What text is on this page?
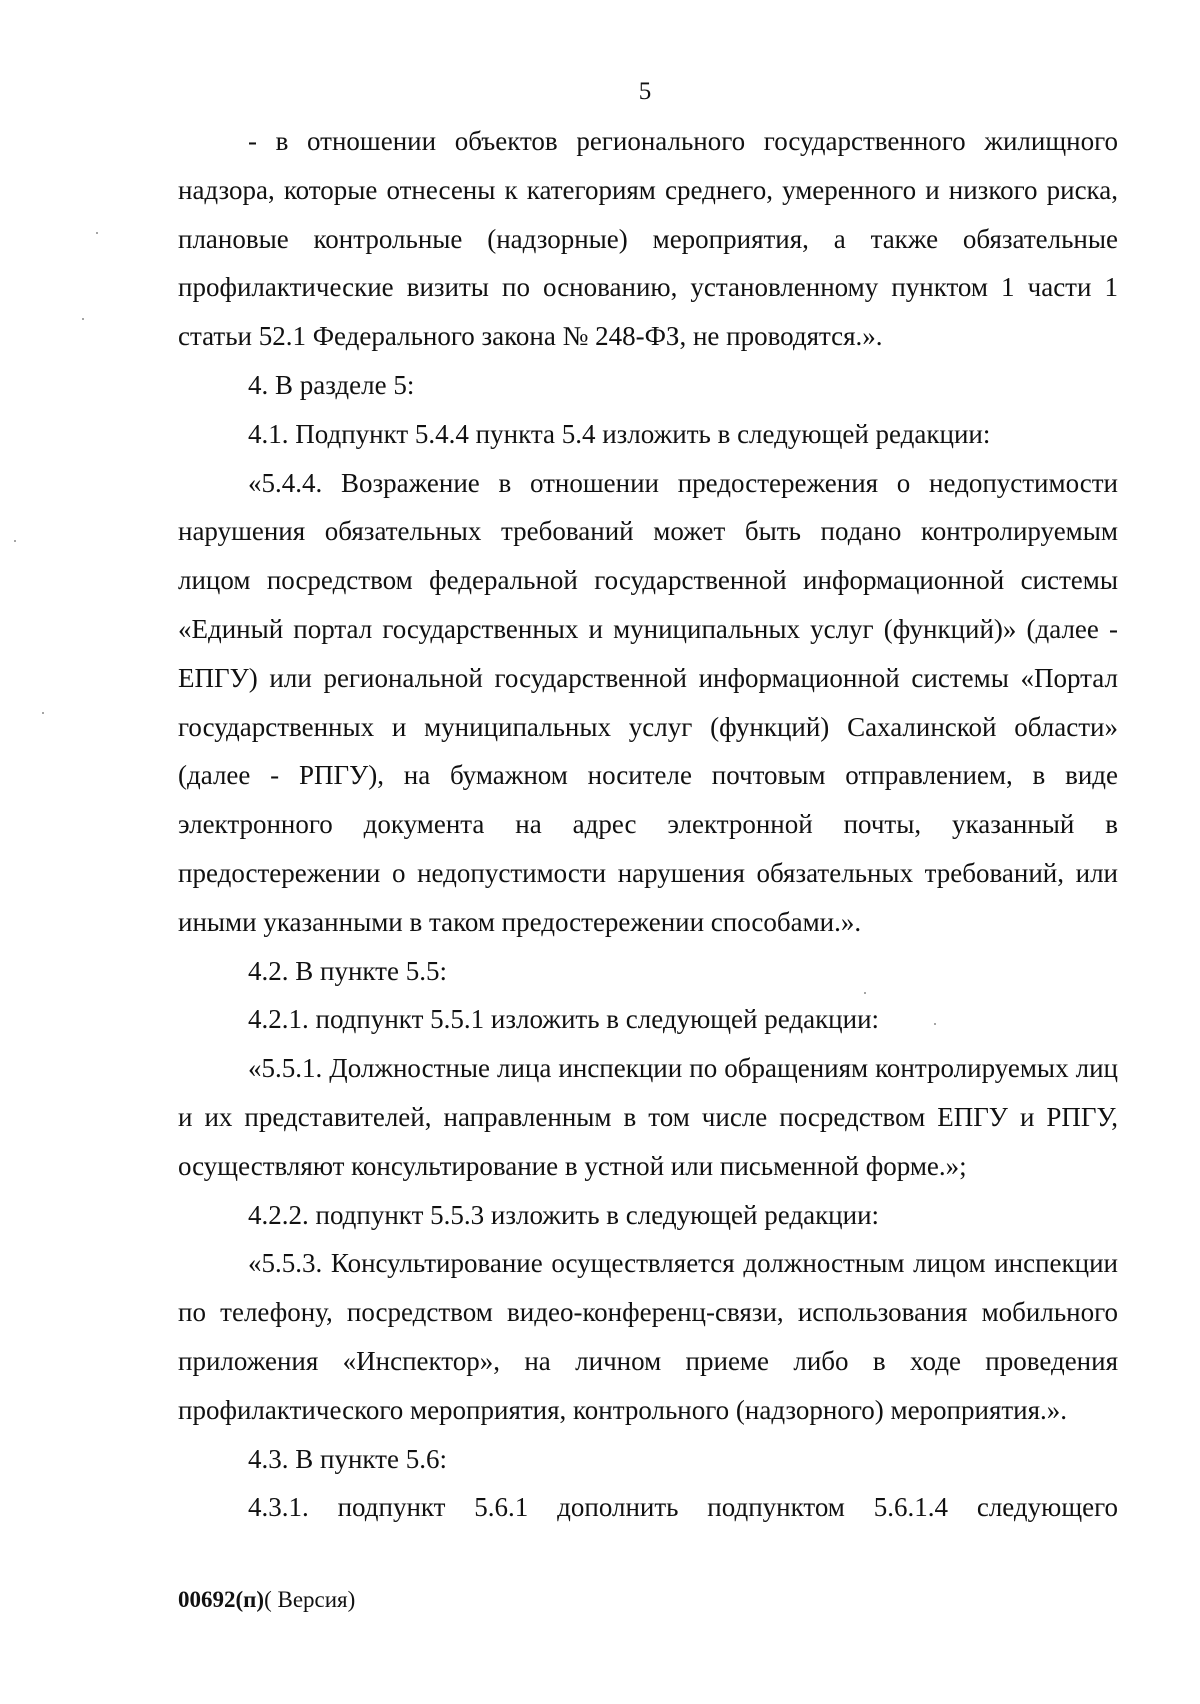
5

- в отношении объектов регионального государственного жилищного надзора, которые отнесены к категориям среднего, умеренного и низкого риска, плановые контрольные (надзорные) мероприятия, а также обязательные профилактические визиты по основанию, установленному пунктом 1 части 1 статьи 52.1 Федерального закона № 248-ФЗ, не проводятся.».

4. В разделе 5:

4.1. Подпункт 5.4.4 пункта 5.4 изложить в следующей редакции:

«5.4.4. Возражение в отношении предостережения о недопустимости нарушения обязательных требований может быть подано контролируемым лицом посредством федеральной государственной информационной системы «Единый портал государственных и муниципальных услуг (функций)» (далее - ЕПГУ) или региональной государственной информационной системы «Портал государственных и муниципальных услуг (функций) Сахалинской области» (далее - РПГУ), на бумажном носителе почтовым отправлением, в виде электронного документа на адрес электронной почты, указанный в предостережении о недопустимости нарушения обязательных требований, или иными указанными в таком предостережении способами.».

4.2. В пункте 5.5:

4.2.1. подпункт 5.5.1 изложить в следующей редакции:

«5.5.1. Должностные лица инспекции по обращениям контролируемых лиц и их представителей, направленным в том числе посредством ЕПГУ и РПГУ, осуществляют консультирование в устной или письменной форме.»;

4.2.2. подпункт 5.5.3 изложить в следующей редакции:

«5.5.3. Консультирование осуществляется должностным лицом инспекции по телефону, посредством видео-конференц-связи, использования мобильного приложения «Инспектор», на личном приеме либо в ходе проведения профилактического мероприятия, контрольного (надзорного) мероприятия.».

4.3. В пункте 5.6:

4.3.1. подпункт 5.6.1 дополнить подпунктом 5.6.1.4 следующего

00692(п)( Версия)
